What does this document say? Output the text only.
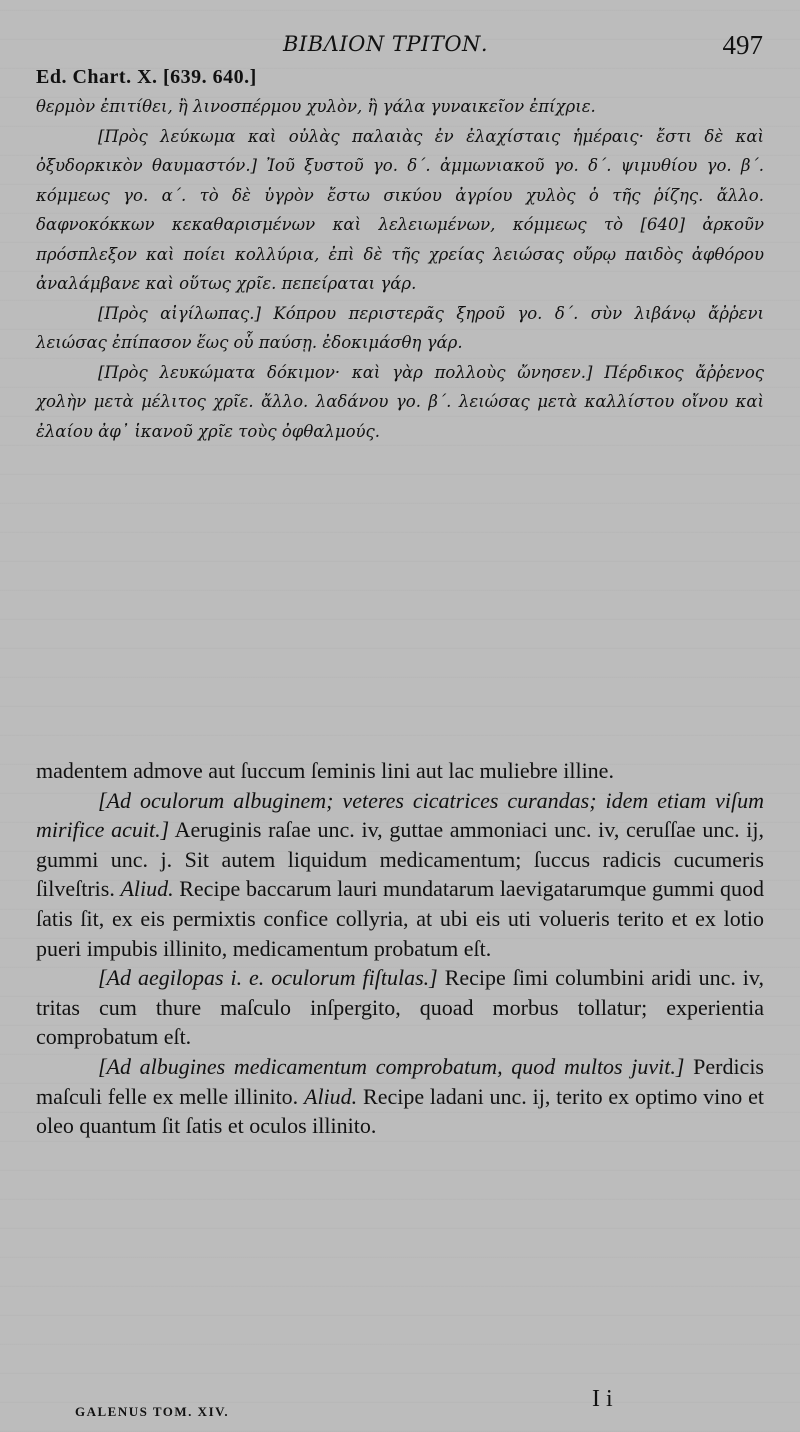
ΒΙΒΛΙΟΝ ΤΡΙΤΟΝ.	497
Ed. Chart. X. [639. 640.]

θερμὸν ἐπιτίθει, ἢ λινοσπέρμου χυλὸν, ἢ γάλα γυναικεῖον ἐπίχριε.

[Πρὸς λεύκωμα καὶ οὐλὰς παλαιὰς ἐν ἐλαχίσταις ἡμέραις· ἔστι δὲ καὶ ὀξυδορκικὸν θαυμαστόν.] Ἰοῦ ξυστοῦ γο. δ΄. ἀμμωνιακοῦ γο. δ΄. ψιμυθίου γο. β΄. κόμμεως γο. α΄. τὸ δὲ ὑγρὸν ἔστω σικύου ἀγρίου χυλὸς ὁ τῆς ῥίζης. ἄλλο. δαφνοκόκκων κεκαθαρισμένων καὶ λελειωμένων, κόμμεως τὸ [640] ἀρκοῦν πρόσπλεξον καὶ ποίει κολλύρια, ἐπὶ δὲ τῆς χρείας λειώσας οὔρῳ παιδὸς ἀφθόρου ἀναλάμβανε καὶ οὕτως χρῖε. πεπείραται γάρ.

[Πρὸς αἰγίλωπας.] Κόπρου περιστερᾶς ξηροῦ γο. δ΄. σὺν λιβάνῳ ἄῤῥενι λειώσας ἐπίπασον ἕως οὗ παύσῃ. ἐδοκιμάσθη γάρ.

[Πρὸς λευκώματα δόκιμον· καὶ γὰρ πολλοὺς ὤνησεν.] Πέρδικος ἄῤῥενος χολὴν μετὰ μέλιτος χρῖε. ἄλλο. λαδάνου γο. β΄. λειώσας μετὰ καλλίστου οἴνου καὶ ἐλαίου ἀφ᾽ ἱκανοῦ χρῖε τοὺς ὀφθαλμούς.

madentem admove aut ſuccum ſeminis lini aut lac muliebre illine.

[Ad oculorum albuginem; veteres cicatrices curandas; idem etiam viſum mirifice acuit.] Aeruginis raſae unc. iv, guttae ammoniaci unc. iv, ceruſſae unc. ij, gummi unc. j. Sit autem liquidum medicamentum; ſuccus radicis cucumeris ſilveſtris. Aliud. Recipe baccarum lauri mundatarum laevigatarumque gummi quod ſatis ſit, ex eis permixtis confice collyria, at ubi eis uti volueris terito et ex lotio pueri impubis illinito, medicamentum probatum eſt.

[Ad aegilopas i. e. oculorum fiſtulas.] Recipe ſimi columbini aridi unc. iv, tritas cum thure maſculo inſpergito, quoad morbus tollatur; experientia comprobatum eſt.

[Ad albugines medicamentum comprobatum, quod multos juvit.] Perdicis maſculi felle ex melle illinito. Aliud. Recipe ladani unc. ij, terito ex optimo vino et oleo quantum ſit ſatis et oculos illinito.

GALENUS TOM. XIV.	I i
